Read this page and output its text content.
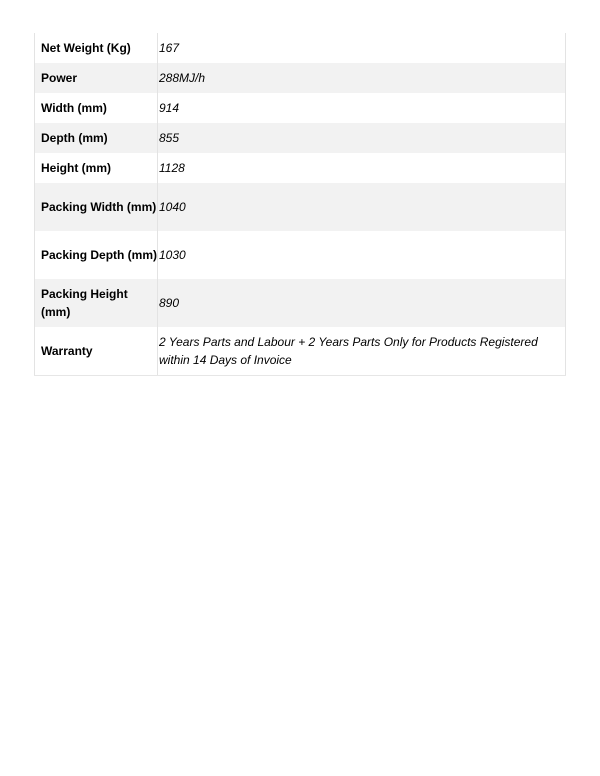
Net Weight (Kg)	167
Power	288MJ/h
Width (mm)	914
Depth (mm)	855
Height (mm)	1128
Packing Width (mm)	1040
Packing Depth (mm)	1030
Packing Height (mm)	890
Warranty	2 Years Parts and Labour + 2 Years Parts Only for Products Registered within 14 Days of Invoice
